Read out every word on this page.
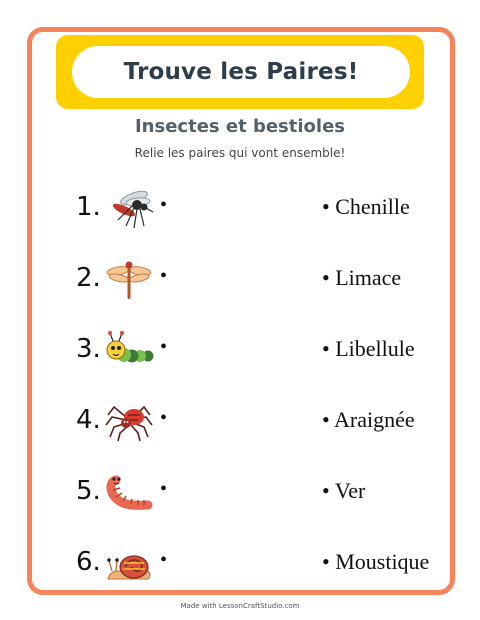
Trouve les Paires!
Insectes et bestioles
Relie les paires qui vont ensemble!
1.	•	• Chenille
2.	•	• Limace
3.	•	• Libellule
4.	•	• Araignée
5.	•	• Ver
6.	•	• Moustique
Made with LessonCraftStudio.com
